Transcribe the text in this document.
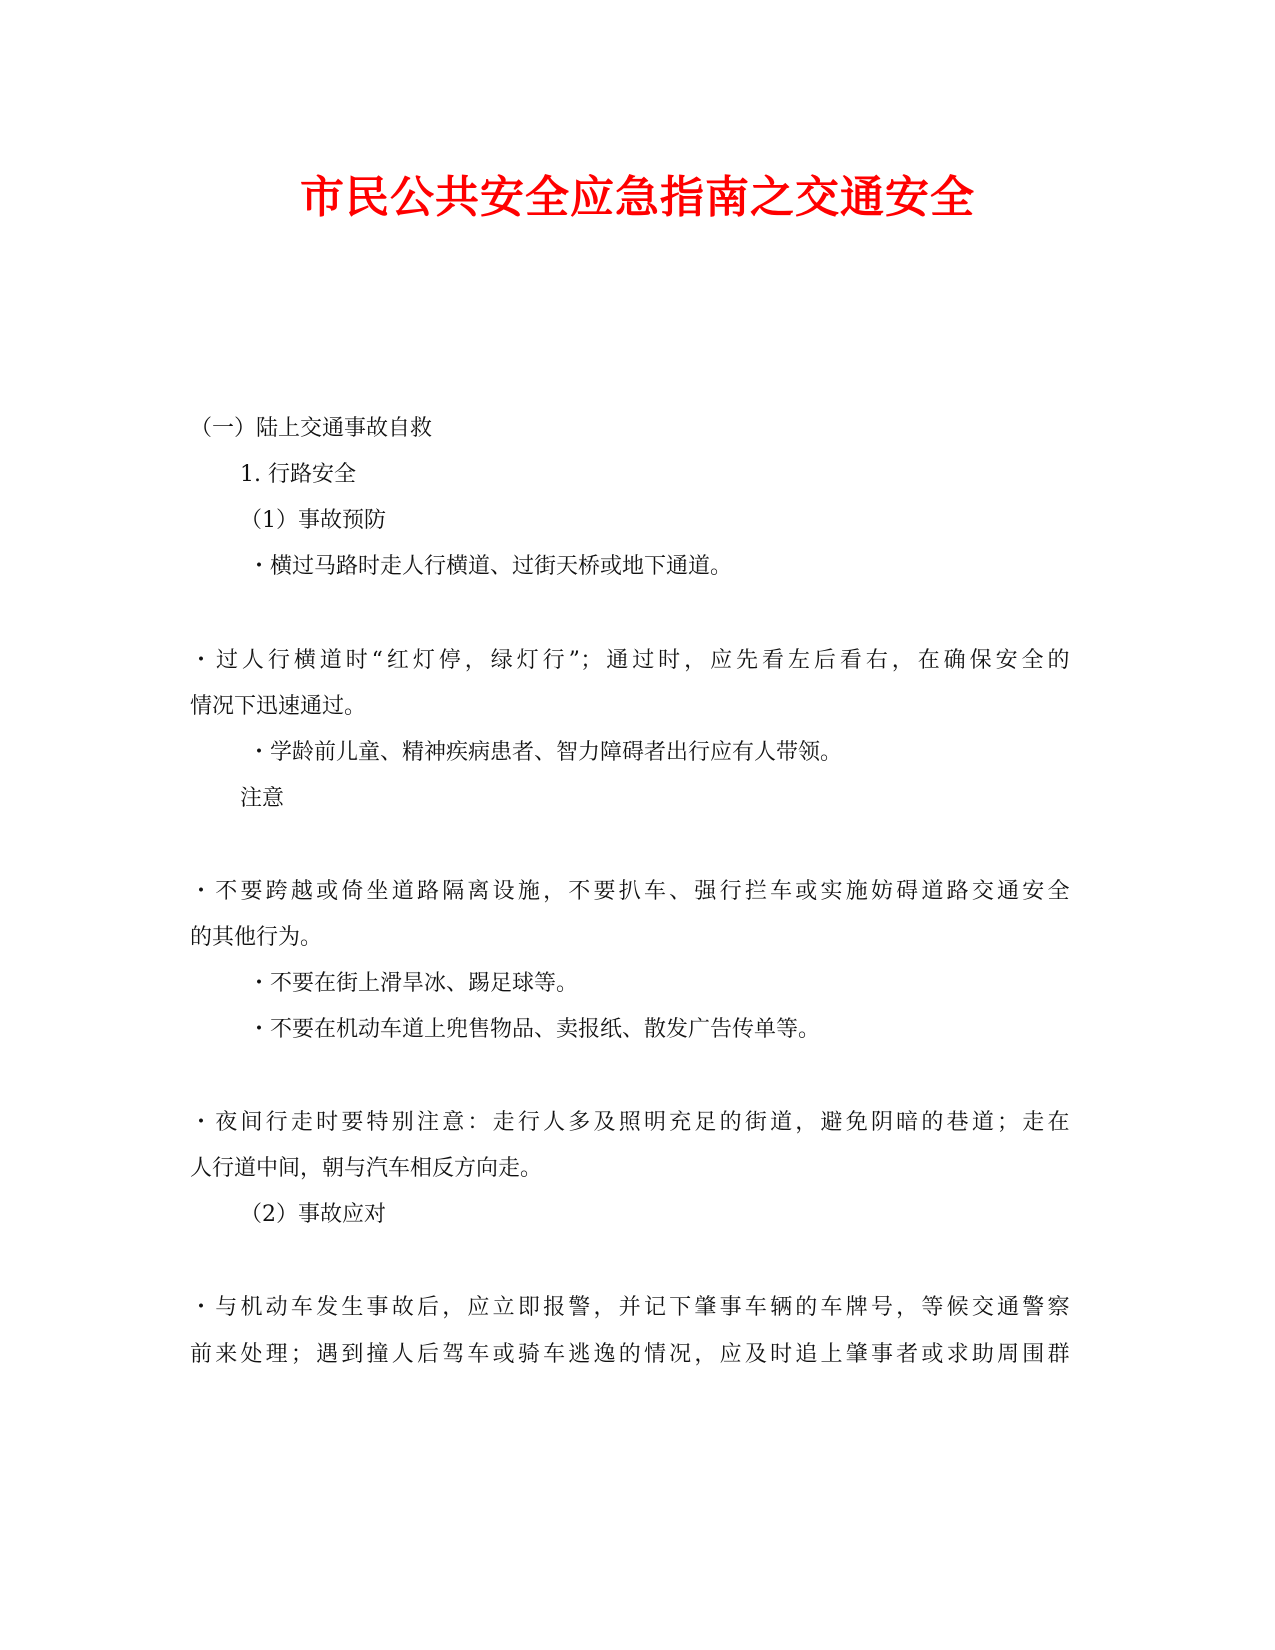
市民公共安全应急指南之交通安全
（一）陆上交通事故自救
1. 行路安全
（1）事故预防
・横过马路时走人行横道、过街天桥或地下通道。
・过人行横道时“红灯停，绿灯行”；通过时，应先看左后看右，在确保安全的
情况下迅速通过。
・学龄前儿童、精神疾病患者、智力障碍者出行应有人带领。
注意
・不要跨越或倚坐道路隔离设施，不要扒车、强行拦车或实施妨碍道路交通安全
的其他行为。
・不要在街上滑旱冰、踢足球等。
・不要在机动车道上兜售物品、卖报纸、散发广告传单等。
・夜间行走时要特别注意：走行人多及照明充足的街道，避免阴暗的巷道；走在
人行道中间，朝与汽车相反方向走。
（2）事故应对
・与机动车发生事故后，应立即报警，并记下肇事车辆的车牌号，等候交通警察
前来处理；遇到撞人后驾车或骑车逃逸的情况，应及时追上肇事者或求助周围群
